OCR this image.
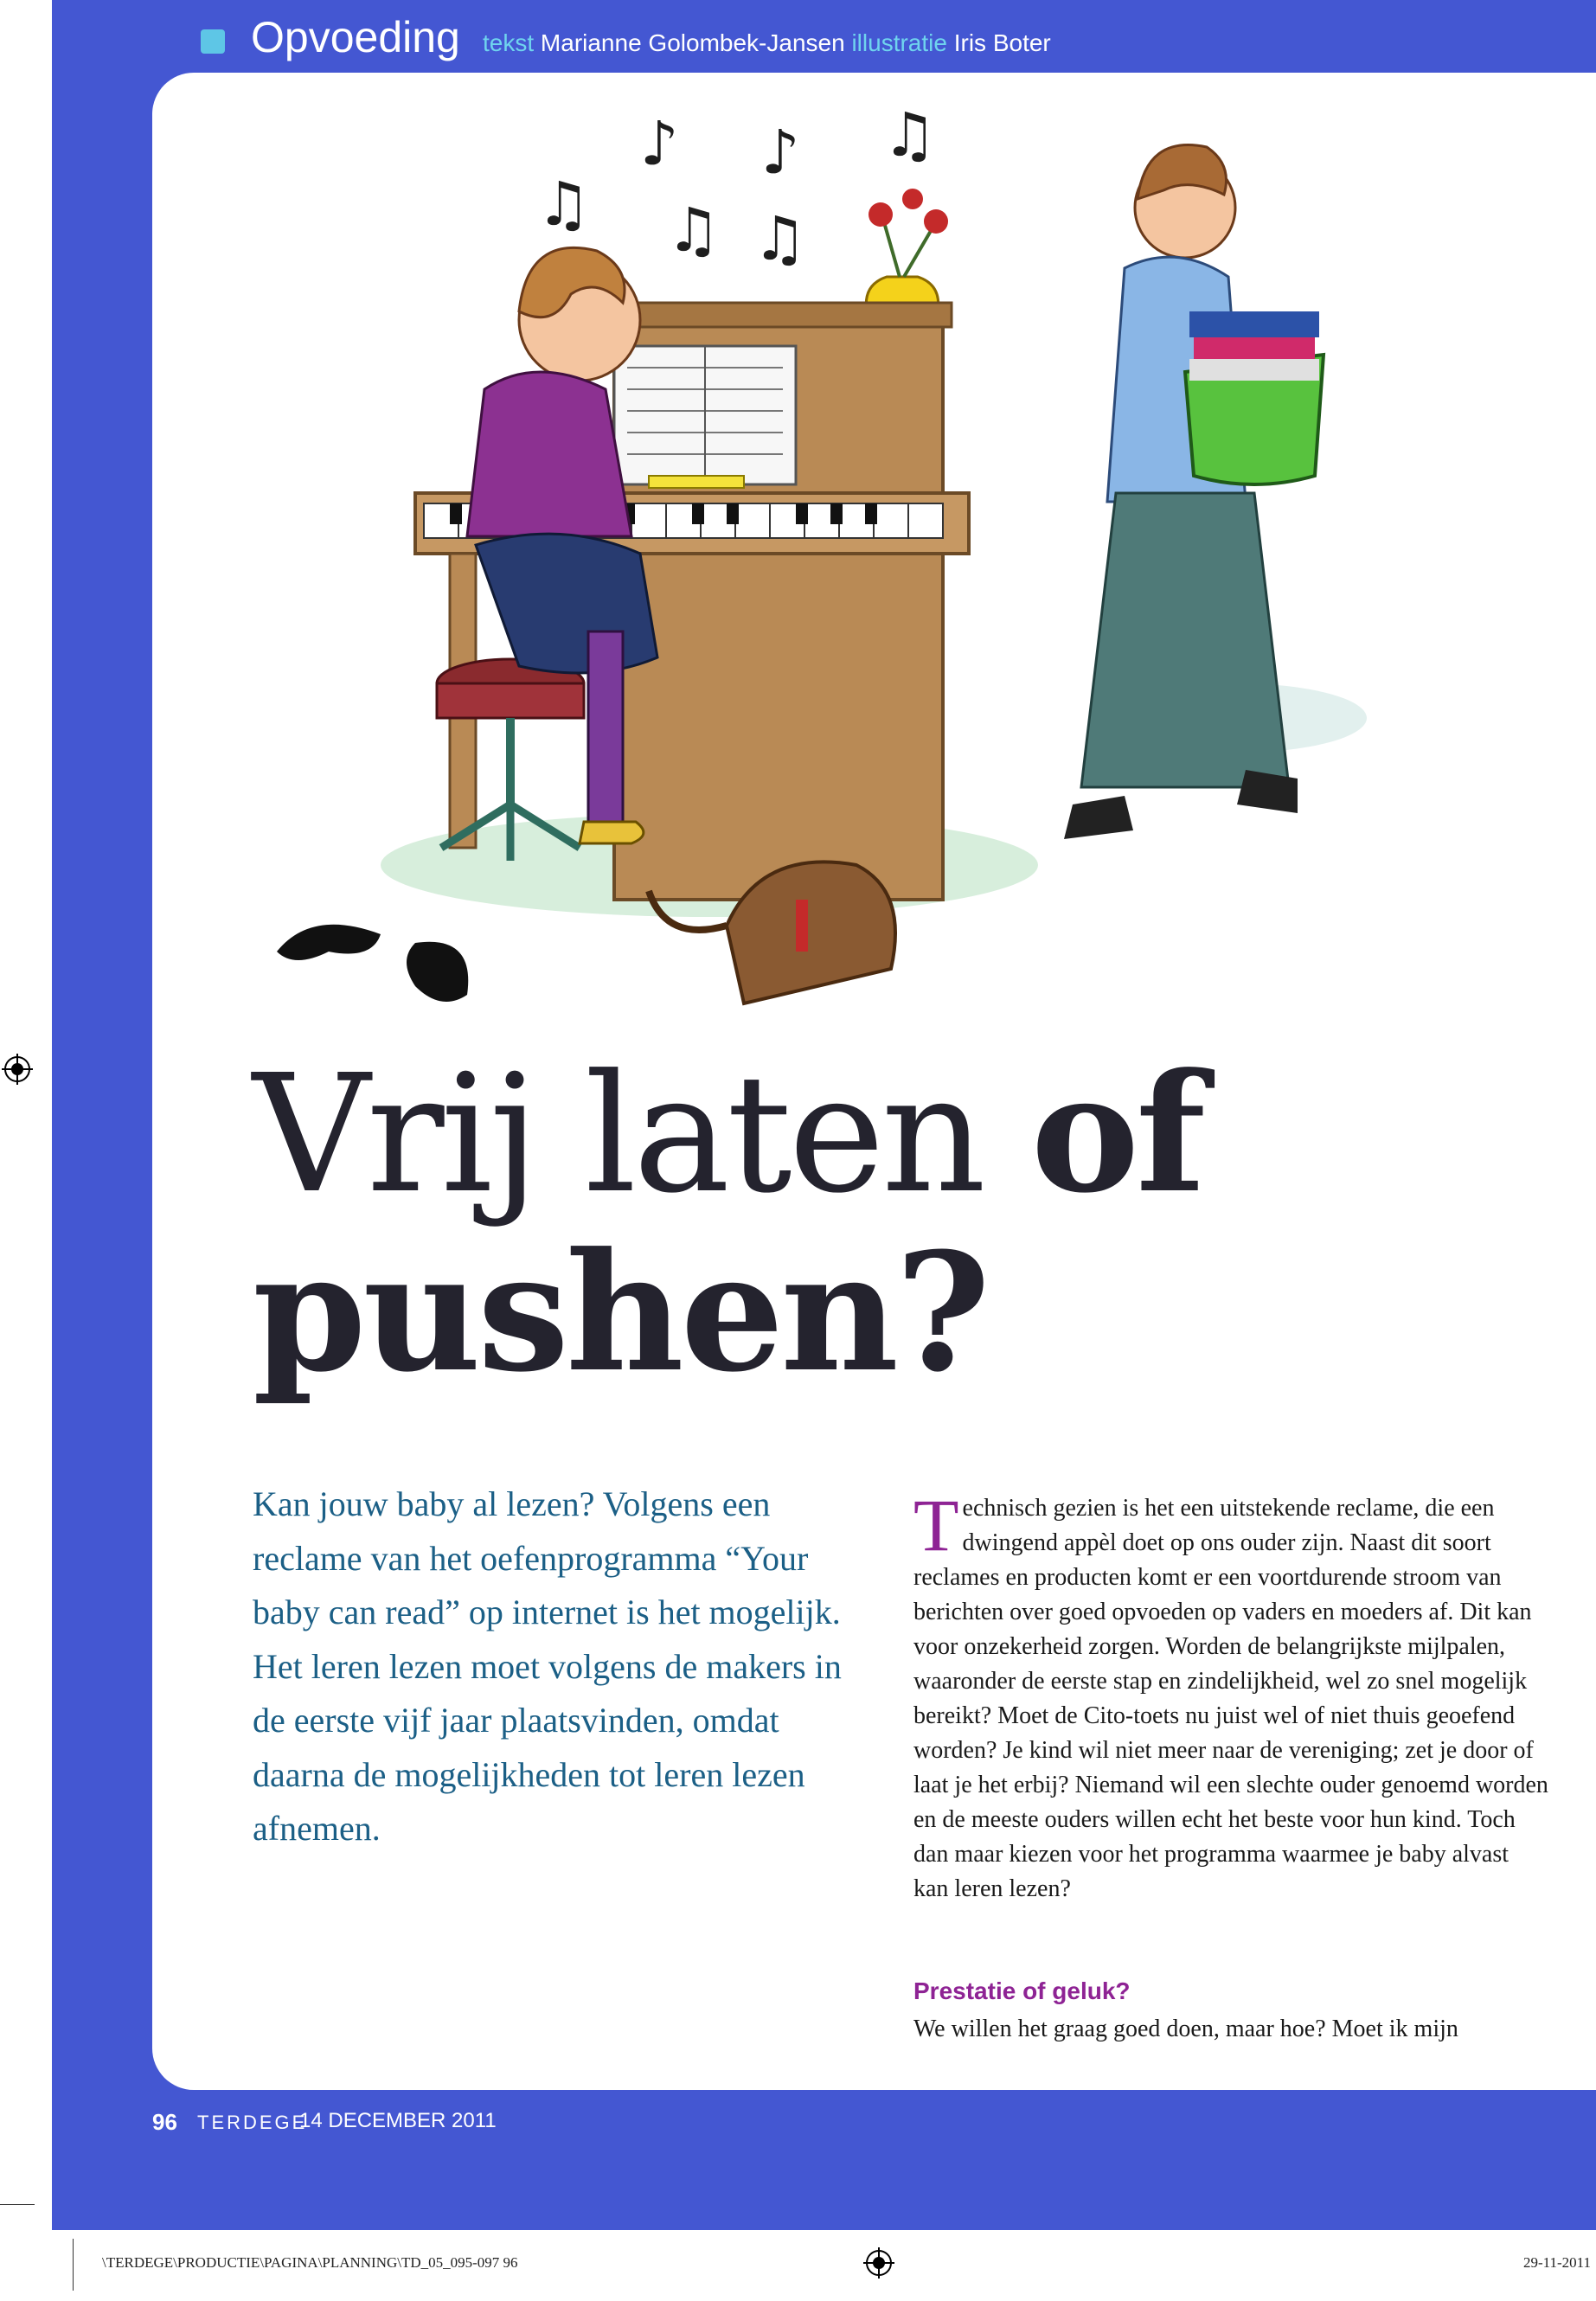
Opvoeding tekst Marianne Golombek-Jansen illustratie Iris Boter
♫
♪ ♪ ♫
♫ ♫
Vrij laten of
pushen?
Kan jouw baby al lezen? Volgens een reclame van het oefenprogramma “Your baby can read” op internet is het mogelijk. Het leren lezen moet volgens de makers in de eerste vijf jaar plaatsvinden, omdat daarna de mogelijkheden tot leren lezen afnemen.
Technisch gezien is het een uitstekende reclame, die een dwingend appèl doet op ons ouder zijn. Naast dit soort reclames en producten komt er een voortdurende stroom van berichten over goed opvoeden op vaders en moeders af. Dit kan voor onzekerheid zorgen. Worden de belangrijkste mijlpalen, waaronder de eerste stap en zindelijkheid, wel zo snel mogelijk bereikt? Moet de Cito-toets nu juist wel of niet thuis geoefend worden? Je kind wil niet meer naar de vereniging; zet je door of laat je het erbij? Niemand wil een slechte ouder genoemd worden en de meeste ouders willen echt het beste voor hun kind. Toch dan maar kiezen voor het programma waarmee je baby alvast kan leren lezen?
Prestatie of geluk?
We willen het graag goed doen, maar hoe? Moet ik mijn
96 TERDEGE
14 DECEMBER 2011
\TERDEGE\PRODUCTIE\PAGINA\PLANNING\TD_05_095-097 96	29-11-2011
